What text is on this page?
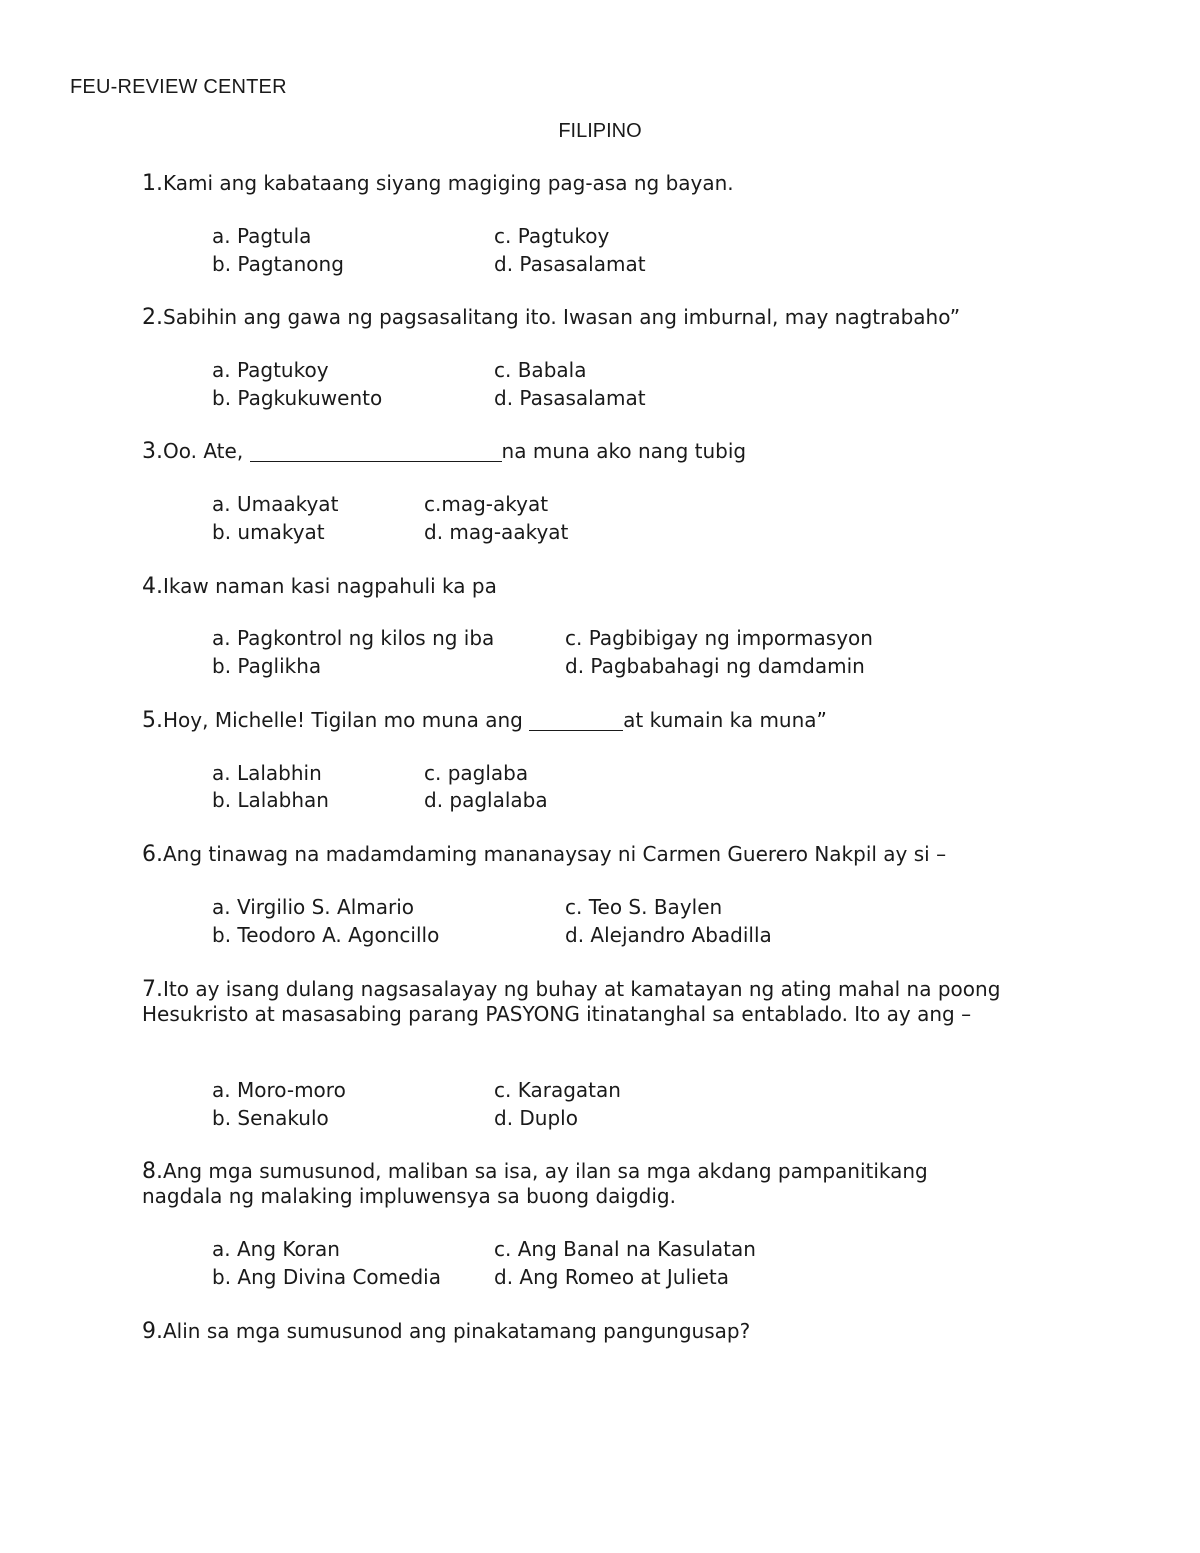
FEU-REVIEW CENTER
FILIPINO
1.Kami ang kabataang siyang magiging pag-asa ng bayan.
a. Pagtula
b. Pagtanong
c. Pagtukoy
d. Pasasalamat
2.Sabihin ang gawa ng pagsasalitang ito. Iwasan ang imburnal, may nagtrabaho”
a. Pagtukoy
b. Pagkukuwento
c. Babala
d. Pasasalamat
3.Oo. Ate,	na muna ako nang tubig
a. Umaakyat
b. umakyat
c.mag-akyat
d. mag-aakyat
4.Ikaw naman kasi nagpahuli ka pa
a. Pagkontrol ng kilos ng iba
b. Paglikha
c. Pagbibigay ng impormasyon
d. Pagbabahagi ng damdamin
5.Hoy, Michelle! Tigilan mo muna ang	at kumain ka muna”
a. Lalabhin
b. Lalabhan
c. paglaba
d. paglalaba
6.Ang tinawag na madamdaming mananaysay ni Carmen Guerero Nakpil ay si –
a. Virgilio S. Almario
b. Teodoro A. Agoncillo
c. Teo S. Baylen
d. Alejandro Abadilla
7.Ito ay isang dulang nagsasalayay ng buhay at kamatayan ng ating mahal na poong Hesukristo at masasabing parang PASYONG itinatanghal sa entablado. Ito ay ang –
a. Moro-moro
b. Senakulo
c. Karagatan
d. Duplo
8.Ang mga sumusunod, maliban sa isa, ay ilan sa mga akdang pampanitikang nagdala ng malaking impluwensya sa buong daigdig.
a. Ang Koran
b. Ang Divina Comedia
c. Ang Banal na Kasulatan
d. Ang Romeo at Julieta
9.Alin sa mga sumusunod ang pinakatamang pangungusap?
